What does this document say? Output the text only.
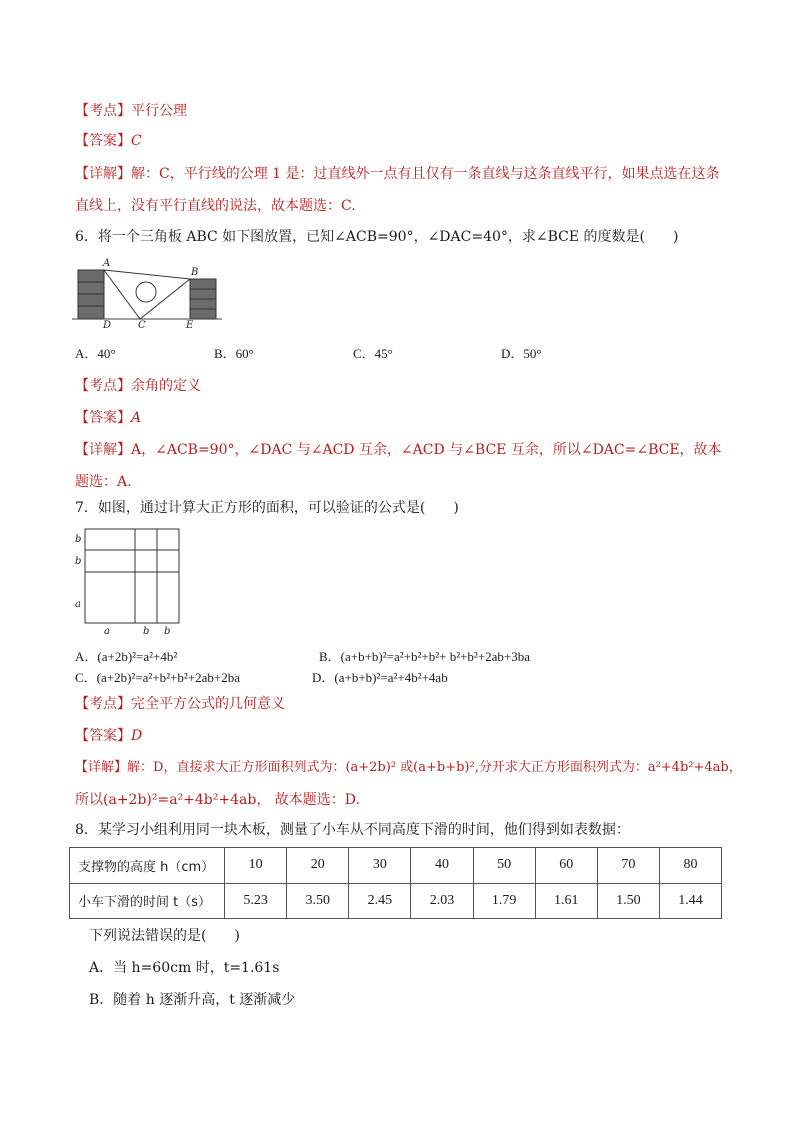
【考点】平行公理
【答案】C
【详解】解：C，平行线的公理 1 是：过直线外一点有且仅有一条直线与这条直线平行，如果点选在这条
直线上，没有平行直线的说法，故本题选：C.
6．将一个三角板 ABC 如下图放置，已知∠ACB=90°，∠DAC=40°，求∠BCE 的度数是(　　)
A
B
C
D	E
A．40°	B．60°	C．45°	D．50°
【考点】余角的定义
【答案】A
【详解】A，∠ACB=90°，∠DAC 与∠ACD 互余，∠ACD 与∠BCE 互余，所以∠DAC=∠BCE，故本
题选：A.
7．如图，通过计算大正方形的面积，可以验证的公式是(　　)
b
b
a
a	b b
A．(a+2b)²=a²+4b²	B．(a+b+b)²=a²+b²+b²+ b²+b²+2ab+3ba
C．(a+2b)²=a²+b²+b²+2ab+2ba	D．(a+b+b)²=a²+4b²+4ab
【考点】完全平方公式的几何意义
【答案】D
【详解】解：D，直接求大正方形面积列式为：(a+2b)² 或(a+b+b)²,分开求大正方形面积列式为：a²+4b²+4ab，
所以(a+2b)²=a²+4b²+4ab， 故本题选：D.
8．某学习小组利用同一块木板，测量了小车从不同高度下滑的时间，他们得到如表数据：
支撑物的高度 h（cm）	10	20	30	40	50	60	70	80
小车下滑的时间 t（s）	5.23	3.50	2.45	2.03	1.79	1.61	1.50	1.44
下列说法错误的是(　　)
A．当 h=60cm 时，t=1.61s
B．随着 h 逐渐升高，t 逐渐减少
